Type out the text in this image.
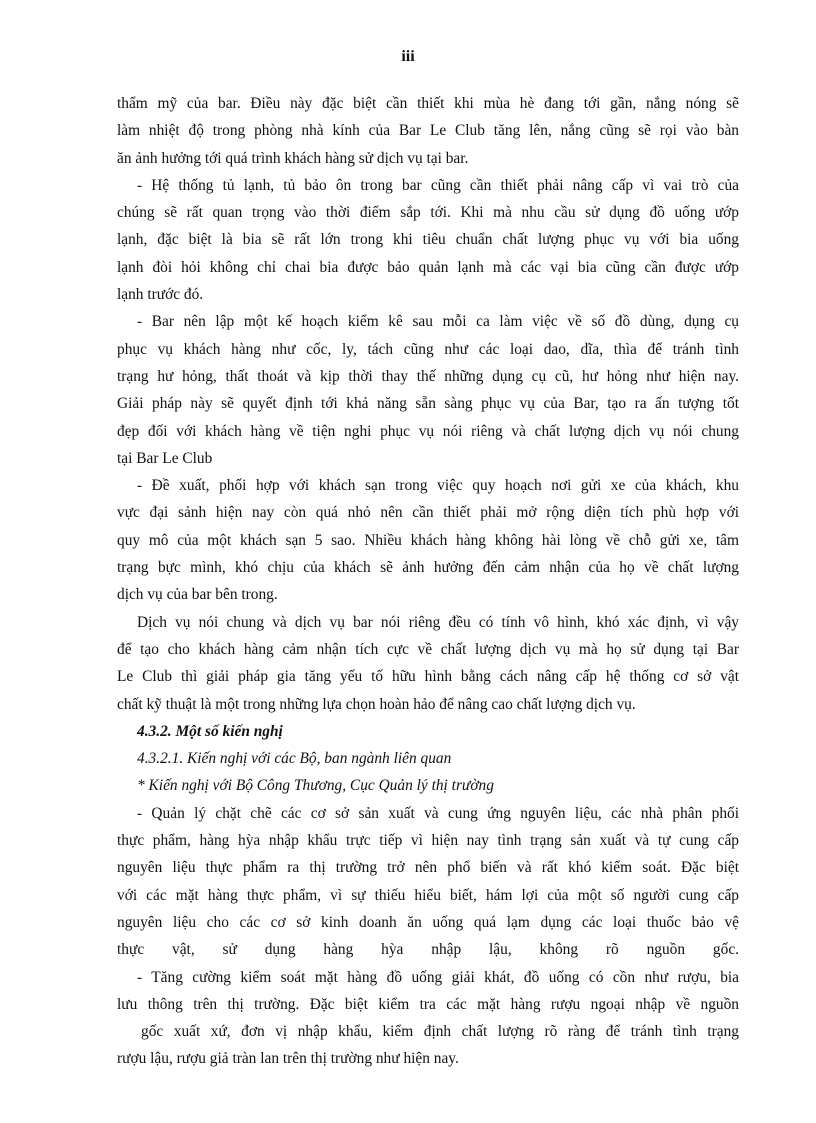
iii
thẩm mỹ của bar. Điều này đặc biệt cần thiết khi mùa hè đang tới gần, nắng nóng sẽ
làm nhiệt độ trong phòng nhà kính của Bar Le Club tăng lên, nắng cũng sẽ rọi vào bàn
ăn ảnh hưởng tới quá trình khách hàng sử dịch vụ tại bar.
- Hệ thống tủ lạnh, tủ bảo ôn trong bar cũng cần thiết phải nâng cấp vì vai trò của
chúng sẽ rất quan trọng vào thời điểm sắp tới. Khi mà nhu cầu sử dụng đồ uống ướp
lạnh, đặc biệt là bia sẽ rất lớn trong khi tiêu chuẩn chất lượng phục vụ với bia uống
lạnh đòi hỏi không chỉ chai bia được bảo quản lạnh mà các vại bia cũng cần được ướp
lạnh trước đó.
- Bar nên lập một kế hoạch kiểm kê sau mỗi ca làm việc về số đồ dùng, dụng cụ
phục vụ khách hàng như cốc, ly, tách cũng như các loại dao, dĩa, thìa để tránh tình
trạng hư hỏng, thất thoát và kịp thời thay thế những dụng cụ cũ, hư hỏng như hiện nay.
Giải pháp này sẽ quyết định tới khả năng sẵn sàng phục vụ của Bar, tạo ra ấn tượng tốt
đẹp đối với khách hàng về tiện nghi phục vụ nói riêng và chất lượng dịch vụ nói chung
tại Bar Le Club
- Đề xuất, phối hợp với khách sạn trong việc quy hoạch nơi gửi xe của khách, khu
vực đại sảnh hiện nay còn quá nhỏ nên cần thiết phải mở rộng diện tích phù hợp với
quy mô của một khách sạn 5 sao. Nhiều khách hàng không hài lòng về chỗ gửi xe, tâm
trạng bực mình, khó chịu của khách sẽ ảnh hưởng đến cảm nhận của họ về chất lượng
dịch vụ của bar bên trong.
Dịch vụ nói chung và dịch vụ bar nói riêng đều có tính vô hình, khó xác định, vì vậy
để tạo cho khách hàng cảm nhận tích cực về chất lượng dịch vụ mà họ sử dụng tại Bar
Le Club thì giải pháp gia tăng yếu tố hữu hình bằng cách nâng cấp hệ thống cơ sở vật
chất kỹ thuật là một trong những lựa chọn hoàn hảo để nâng cao chất lượng dịch vụ.
4.3.2. Một số kiến nghị
4.3.2.1. Kiến nghị với các Bộ, ban ngành liên quan
* Kiến nghị với Bộ Công Thương, Cục Quản lý thị trường
- Quản lý chặt chẽ các cơ sở sản xuất và cung ứng nguyên liệu, các nhà phân phối
thực phẩm, hàng hỳa nhập khẩu trực tiếp vì hiện nay tình trạng sản xuất và tự cung cấp
nguyên liệu thực phẩm ra thị trường trở nên phổ biến và rất khó kiểm soát. Đặc biệt
với các mặt hàng thực phẩm, vì sự thiếu hiểu biết, hám lợi của một số người cung cấp
nguyên liệu cho các cơ sở kinh doanh ăn uống quá lạm dụng các loại thuốc bảo vệ
thực vật, sử dụng hàng hỳa nhập lậu, không rõ nguồn gốc.
- Tăng cường kiểm soát mặt hàng đồ uống giải khát, đồ uống có cồn như rượu, bia
lưu thông trên thị trường. Đặc biệt kiểm tra các mặt hàng rượu ngoại nhập về nguồn
gốc xuất xứ, đơn vị nhập khẩu, kiểm định chất lượng rõ ràng để tránh tình trạng
rượu lậu, rượu giả tràn lan trên thị trường như hiện nay.
